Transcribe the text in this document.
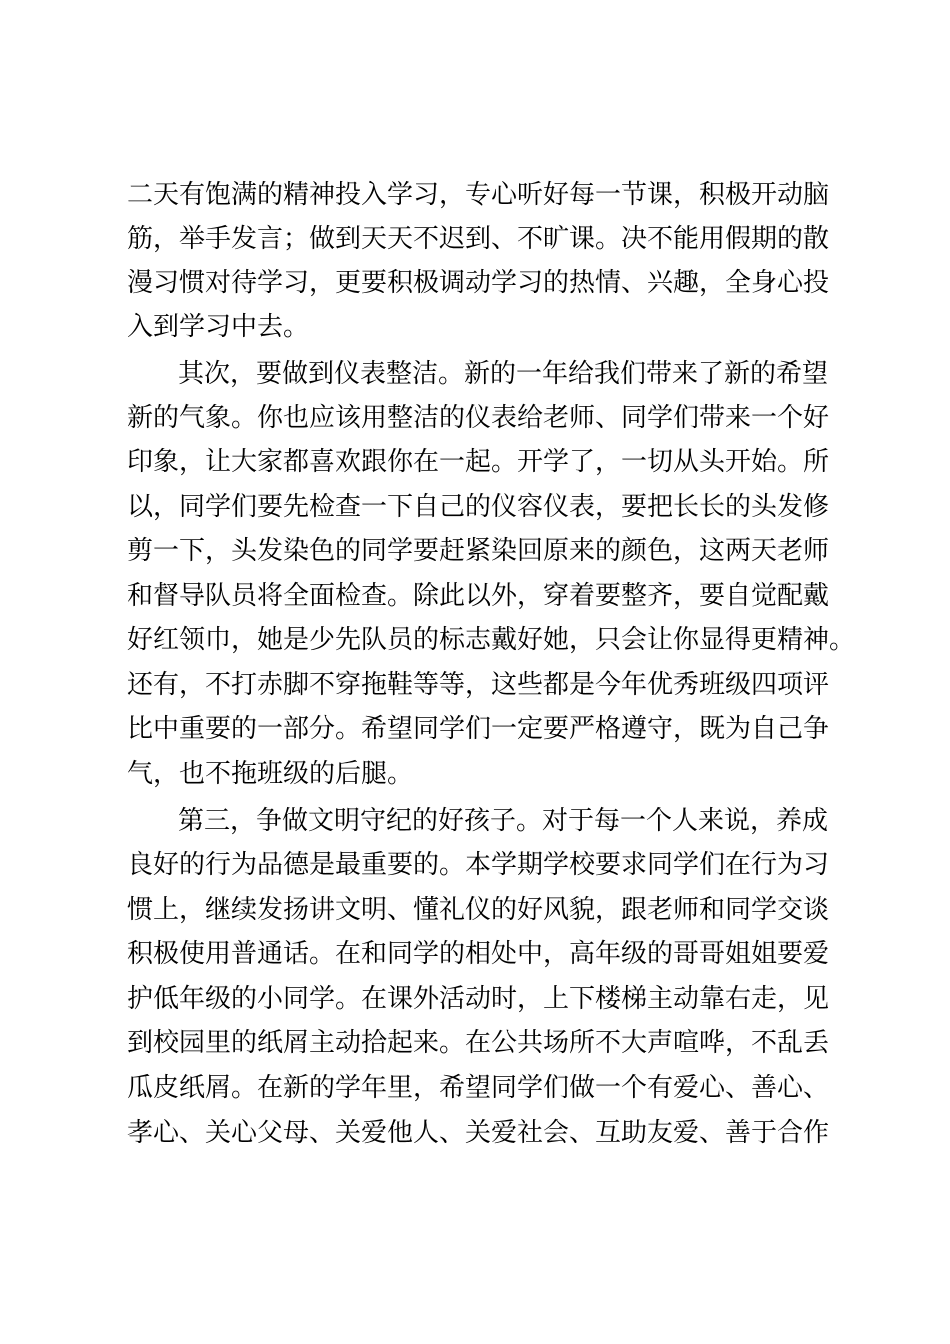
二天有饱满的精神投入学习，专心听好每一节课，积极开动脑

筋，举手发言；做到天天不迟到、不旷课。决不能用假期的散

漫习惯对待学习，更要积极调动学习的热情、兴趣，全身心投

入到学习中去。

其次，要做到仪表整洁。新的一年给我们带来了新的希望

新的气象。你也应该用整洁的仪表给老师、同学们带来一个好

印象，让大家都喜欢跟你在一起。开学了，一切从头开始。所

以，同学们要先检查一下自己的仪容仪表，要把长长的头发修

剪一下，头发染色的同学要赶紧染回原来的颜色，这两天老师

和督导队员将全面检查。除此以外，穿着要整齐，要自觉配戴

好红领巾，她是少先队员的标志戴好她，只会让你显得更精神。

还有，不打赤脚不穿拖鞋等等，这些都是今年优秀班级四项评

比中重要的一部分。希望同学们一定要严格遵守，既为自己争

气，也不拖班级的后腿。

第三，争做文明守纪的好孩子。对于每一个人来说，养成

良好的行为品德是最重要的。本学期学校要求同学们在行为习

惯上，继续发扬讲文明、懂礼仪的好风貌，跟老师和同学交谈

积极使用普通话。在和同学的相处中，高年级的哥哥姐姐要爱

护低年级的小同学。在课外活动时，上下楼梯主动靠右走，见

到校园里的纸屑主动拾起来。在公共场所不大声喧哗，不乱丢

瓜皮纸屑。在新的学年里，希望同学们做一个有爱心、善心、

孝心、关心父母、关爱他人、关爱社会、互助友爱、善于合作
